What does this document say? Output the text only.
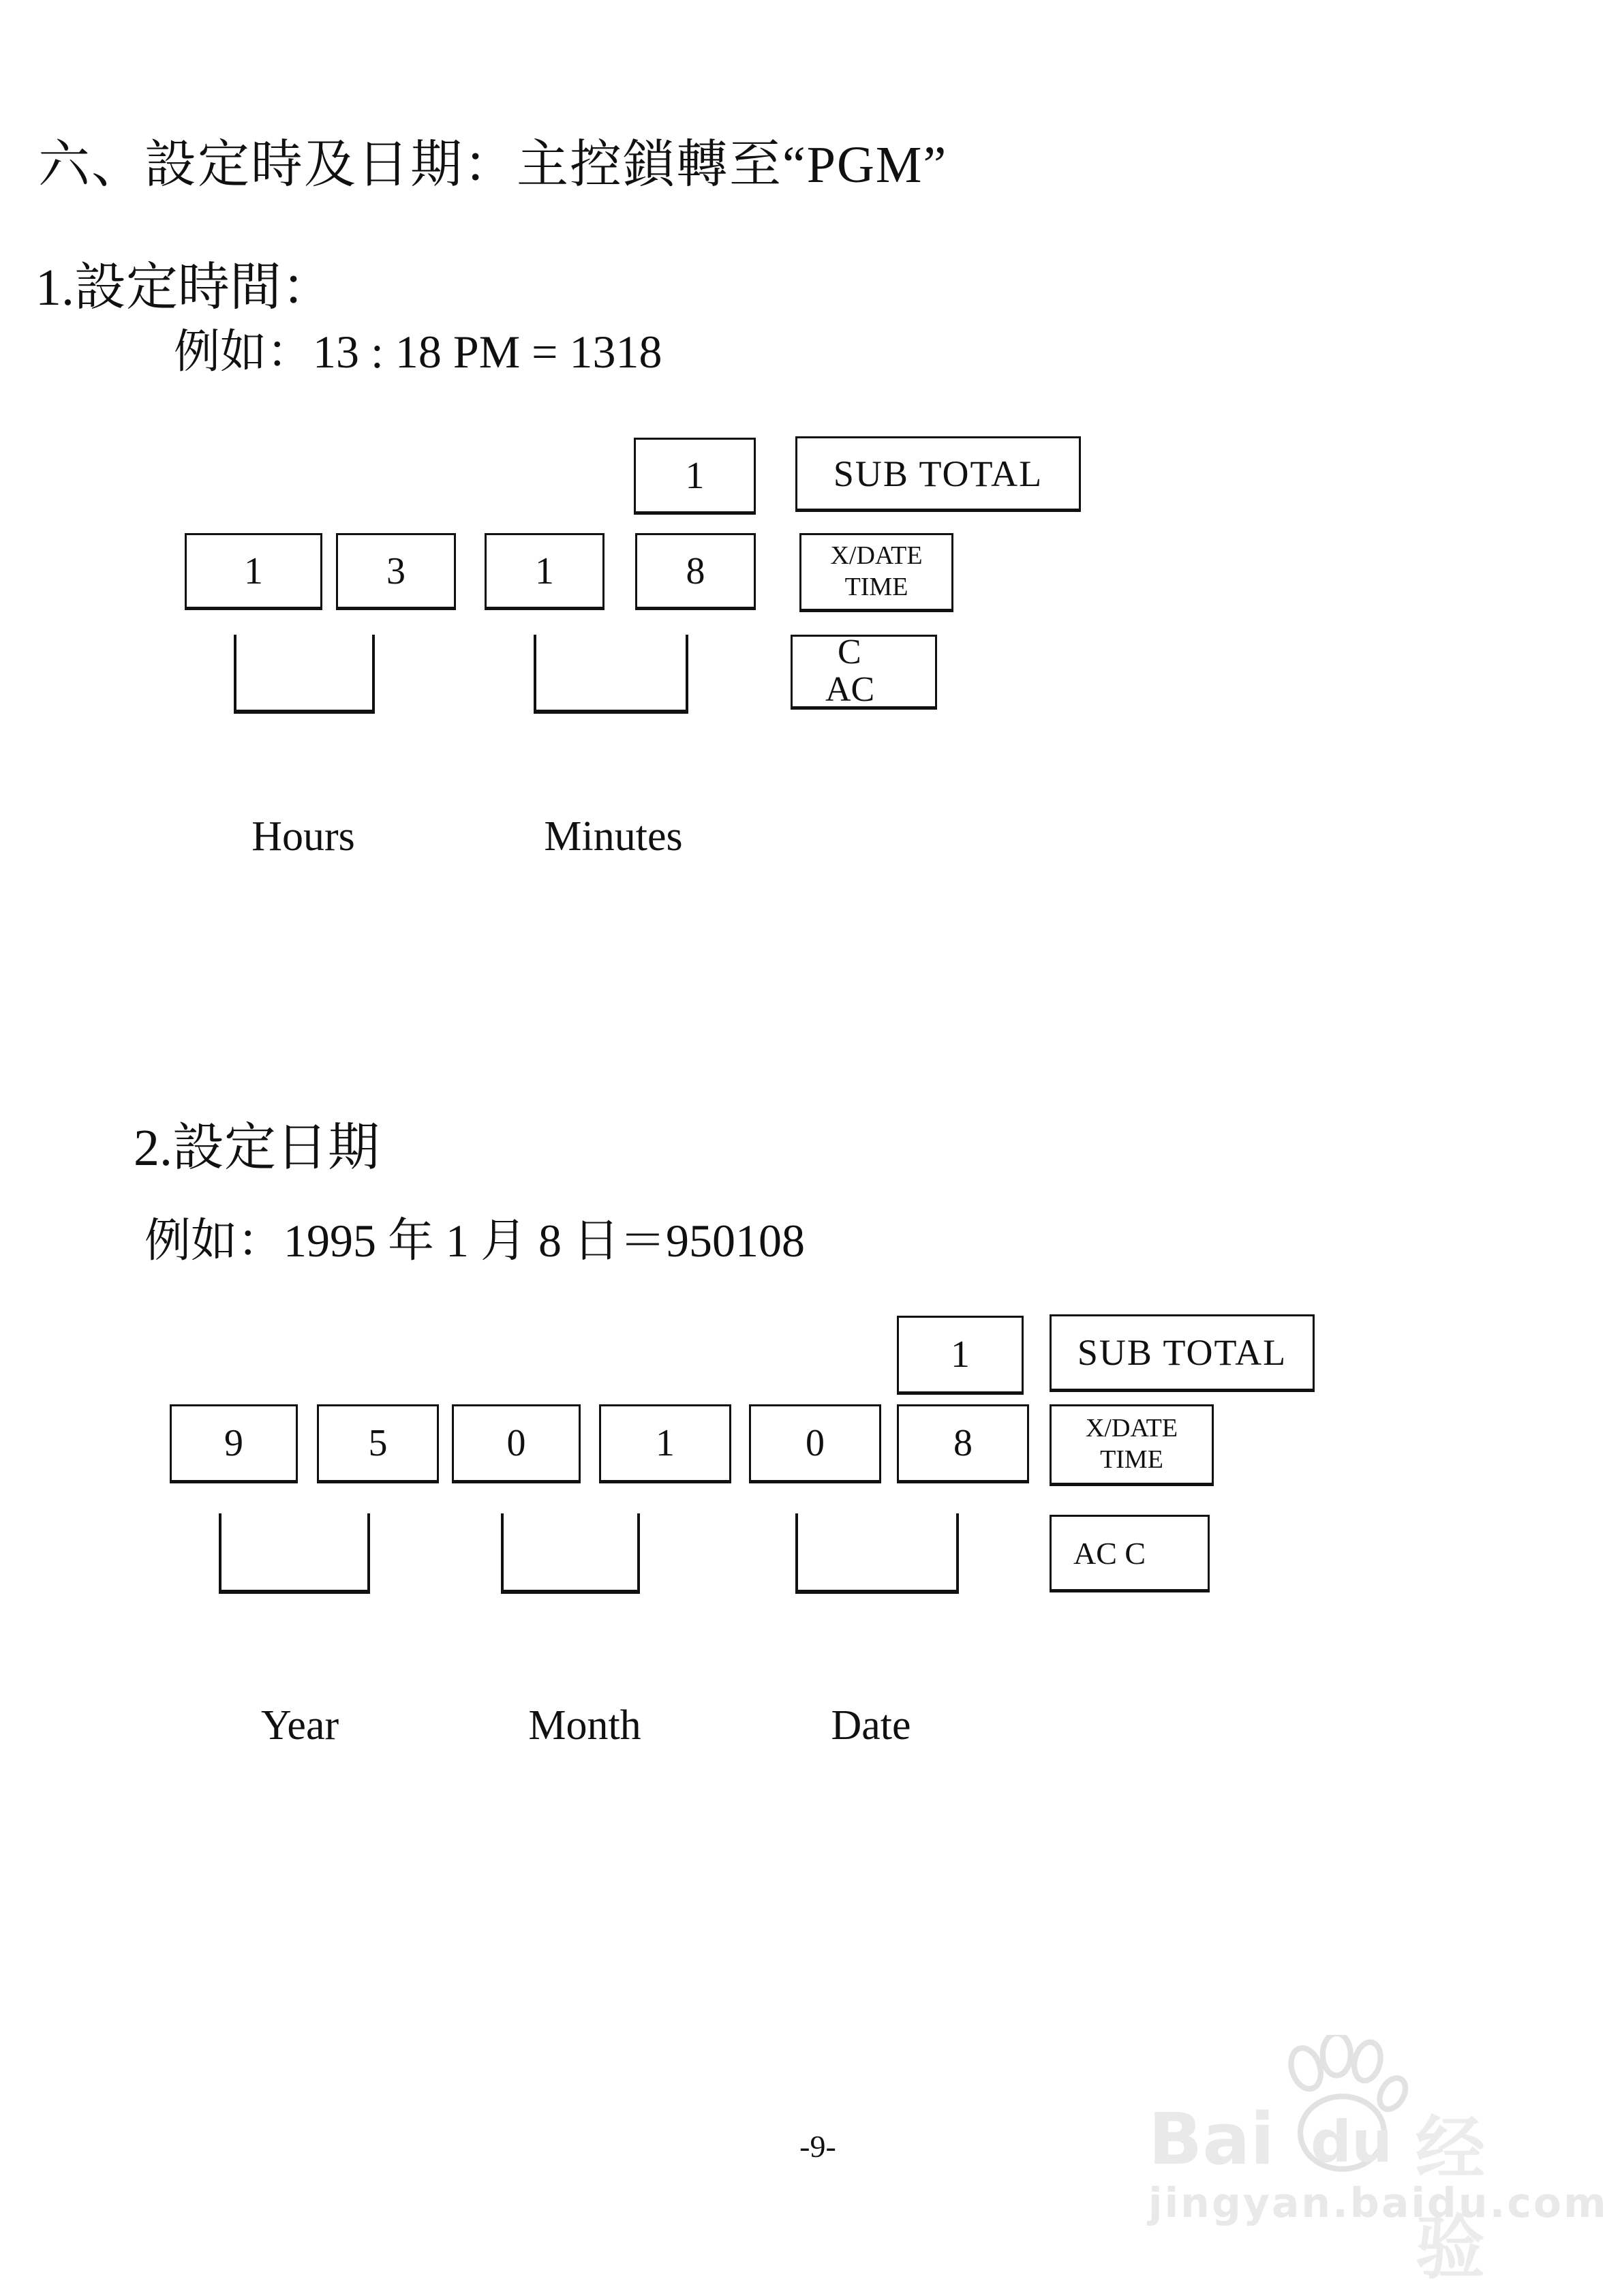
六、設定時及日期：主控鎖轉至“PGM”
1.設定時間：
例如：13 : 18 PM = 1318
1	SUB TOTAL
1	3	1	8	X/DATE
TIME
C
AC
Hours	Minutes
2.設定日期
例如：1995 年 1 月 8 日＝950108
1	SUB TOTAL
9	5	0	1	0	8	X/DATE
TIME
AC C
Year	Month	Date
-9-	Bai du 经验
jingyan.baidu.com
